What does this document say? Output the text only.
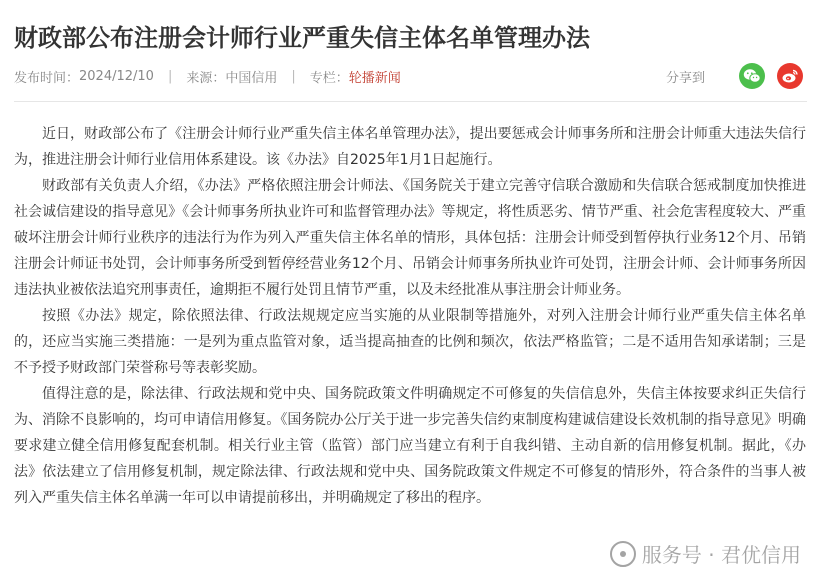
财政部公布注册会计师行业严重失信主体名单管理办法
发布时间： 2024/12/10 | 来源： 中国信用 | 专栏： 轮播新闻	分享到

近日，财政部公布了《注册会计师行业严重失信主体名单管理办法》，提出要惩戒会计师事务所和注册会计师重大违法失信行为，推进注册会计师行业信用体系建设。该《办法》自2025年1月1日起施行。

财政部有关负责人介绍，《办法》严格依照注册会计师法、《国务院关于建立完善守信联合激励和失信联合惩戒制度加快推进社会诚信建设的指导意见》《会计师事务所执业许可和监督管理办法》等规定，将性质恶劣、情节严重、社会危害程度较大、严重破坏注册会计师行业秩序的违法行为作为列入严重失信主体名单的情形，具体包括：注册会计师受到暂停执行业务12个月、吊销注册会计师证书处罚，会计师事务所受到暂停经营业务12个月、吊销会计师事务所执业许可处罚，注册会计师、会计师事务所因违法执业被依法追究刑事责任，逾期拒不履行处罚且情节严重，以及未经批准从事注册会计师业务。

按照《办法》规定，除依照法律、行政法规规定应当实施的从业限制等措施外，对列入注册会计师行业严重失信主体名单的，还应当实施三类措施：一是列为重点监管对象，适当提高抽查的比例和频次，依法严格监管；二是不适用告知承诺制；三是不予授予财政部门荣誉称号等表彰奖励。

值得注意的是，除法律、行政法规和党中央、国务院政策文件明确规定不可修复的失信信息外，失信主体按要求纠正失信行为、消除不良影响的，均可申请信用修复。《国务院办公厅关于进一步完善失信约束制度构建诚信建设长效机制的指导意见》明确要求建立健全信用修复配套机制。相关行业主管（监管）部门应当建立有利于自我纠错、主动自新的信用修复机制。据此，《办法》依法建立了信用修复机制，规定除法律、行政法规和党中央、国务院政策文件规定不可修复的情形外，符合条件的当事人被列入严重失信主体名单满一年可以申请提前移出，并明确规定了移出的程序。

服务号 · 君优信用
